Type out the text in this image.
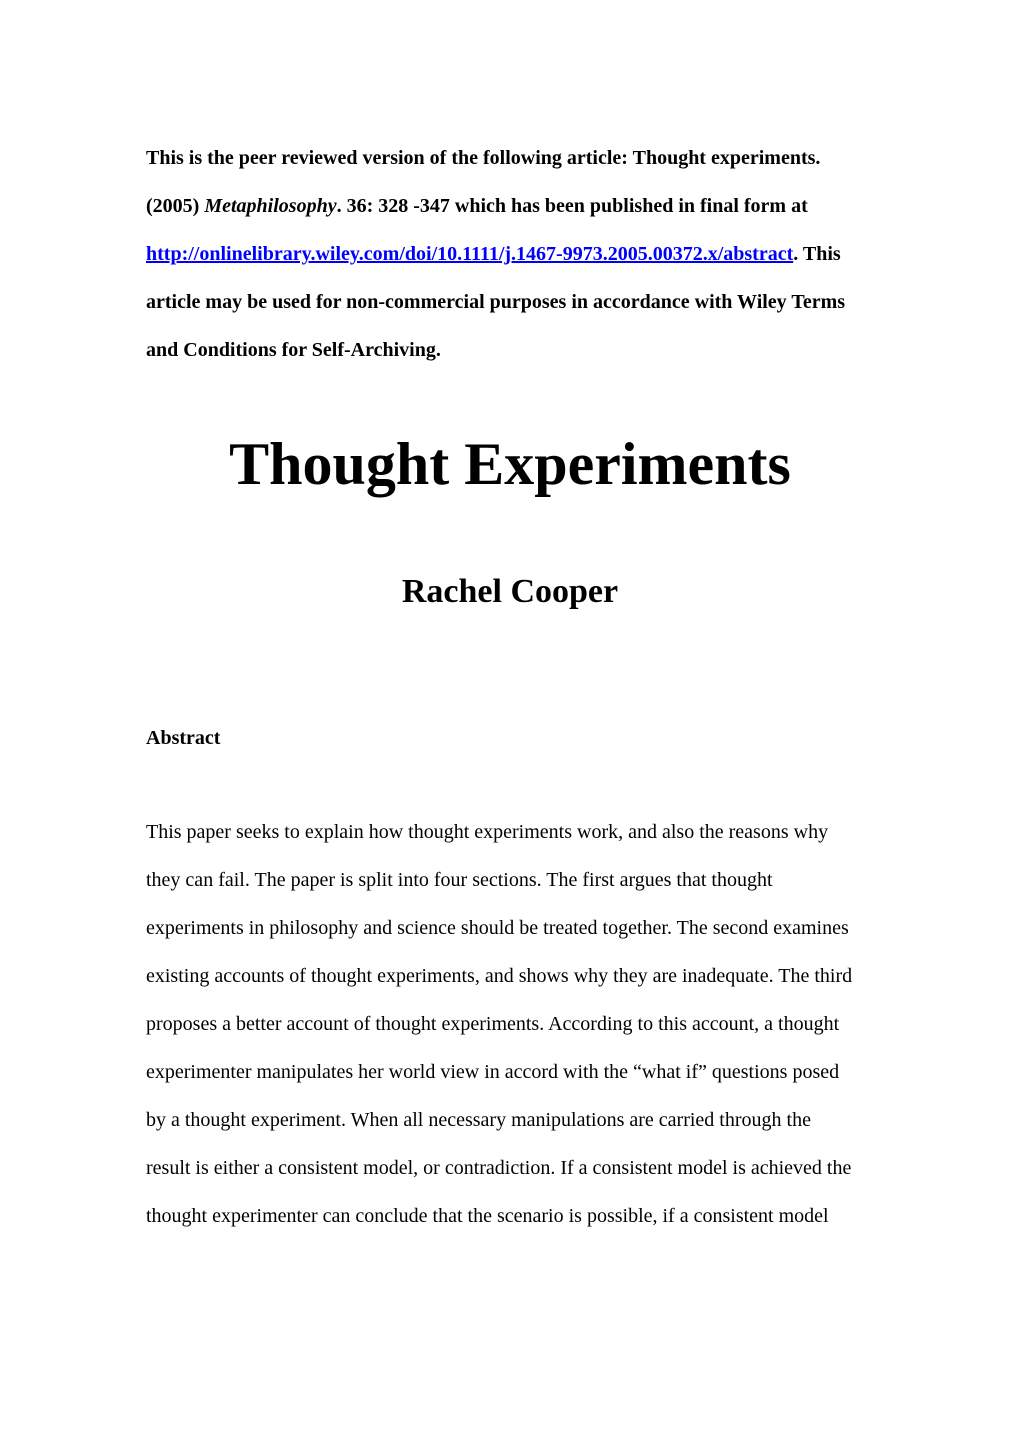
This is the peer reviewed version of the following article: Thought experiments.
(2005) Metaphilosophy. 36: 328 -347 which has been published in final form at
http://onlinelibrary.wiley.com/doi/10.1111/j.1467-9973.2005.00372.x/abstract. This
article may be used for non-commercial purposes in accordance with Wiley Terms
and Conditions for Self-Archiving.
Thought Experiments
Rachel Cooper
Abstract
This paper seeks to explain how thought experiments work, and also the reasons why
they can fail. The paper is split into four sections. The first argues that thought
experiments in philosophy and science should be treated together. The second examines
existing accounts of thought experiments, and shows why they are inadequate. The third
proposes a better account of thought experiments. According to this account, a thought
experimenter manipulates her world view in accord with the “what if” questions posed
by a thought experiment. When all necessary manipulations are carried through the
result is either a consistent model, or contradiction. If a consistent model is achieved the
thought experimenter can conclude that the scenario is possible, if a consistent model
